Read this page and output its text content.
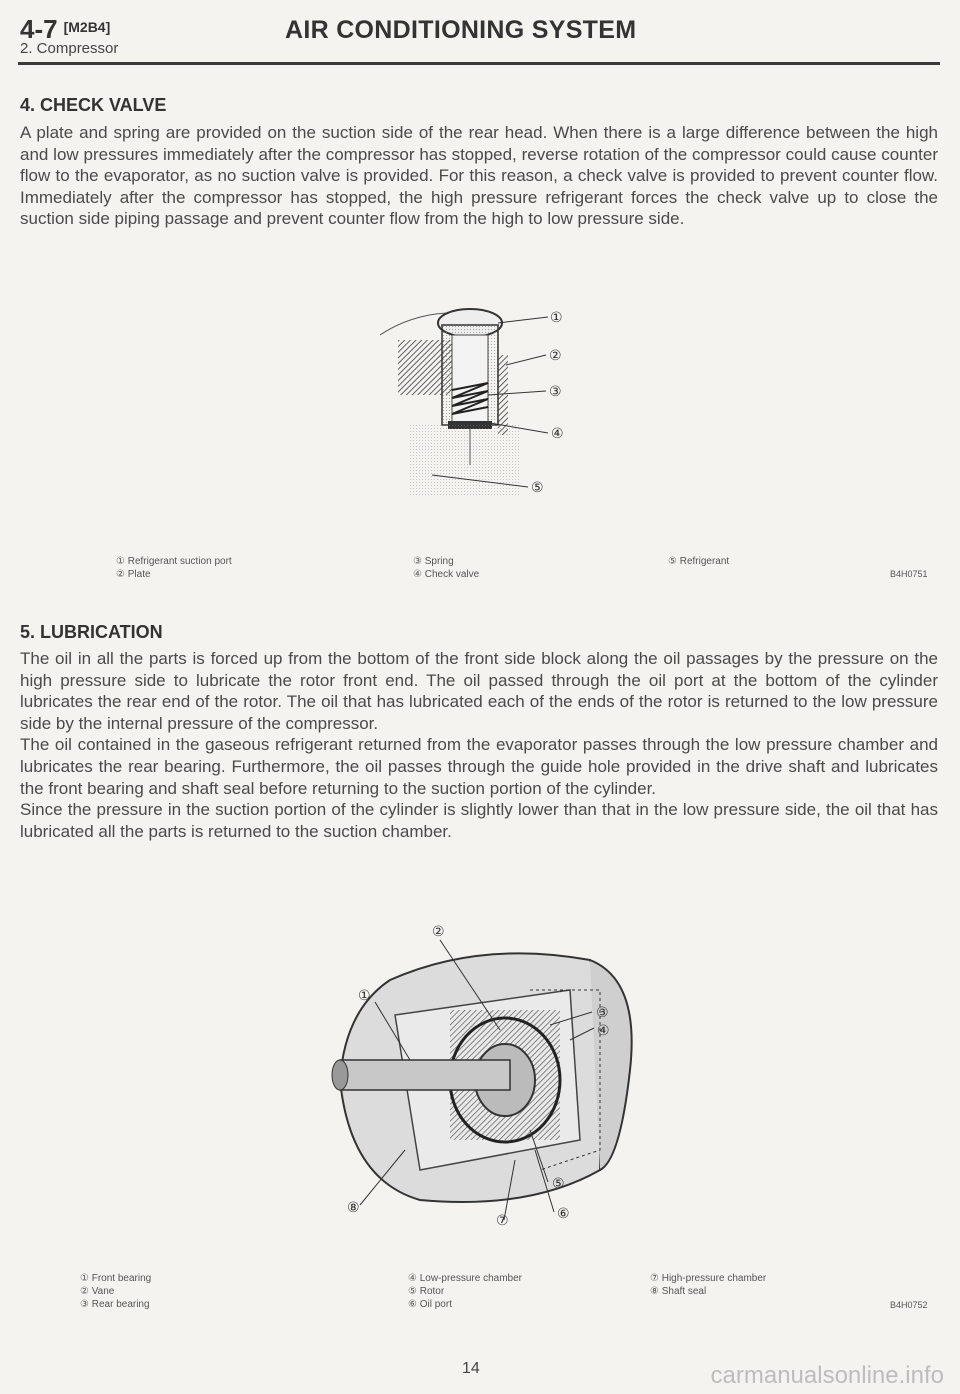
4-7 [M2B4]
2. Compressor
AIR CONDITIONING SYSTEM
4. CHECK VALVE

A plate and spring are provided on the suction side of the rear head. When there is a large difference between the high and low pressures immediately after the compressor has stopped, reverse rotation of the compressor could cause counter flow to the evaporator, as no suction valve is provided. For this reason, a check valve is provided to prevent counter flow. Immediately after the compressor has stopped, the high pressure refrigerant forces the check valve up to close the suction side piping passage and prevent counter flow from the high to low pressure side.

①
②
③
④
⑤
① Refrigerant suction port
② Plate
③ Spring
④ Check valve
⑤ Refrigerant
B4H0751
5. LUBRICATION

The oil in all the parts is forced up from the bottom of the front side block along the oil passages by the pressure on the high pressure side to lubricate the rotor front end. The oil passed through the oil port at the bottom of the cylinder lubricates the rear end of the rotor. The oil that has lubricated each of the ends of the rotor is returned to the low pressure side by the internal pressure of the compressor.

The oil contained in the gaseous refrigerant returned from the evaporator passes through the low pressure chamber and lubricates the rear bearing. Furthermore, the oil passes through the guide hole provided in the drive shaft and lubricates the front bearing and shaft seal before returning to the suction portion of the cylinder.

Since the pressure in the suction portion of the cylinder is slightly lower than that in the low pressure side, the oil that has lubricated all the parts is returned to the suction chamber.

①
②
③
④
⑤
⑥
⑦
⑧
① Front bearing
② Vane
③ Rear bearing
④ Low-pressure chamber
⑤ Rotor
⑥ Oil port
⑦ High-pressure chamber
⑧ Shaft seal
B4H0752
14	carmanualsonline.info
